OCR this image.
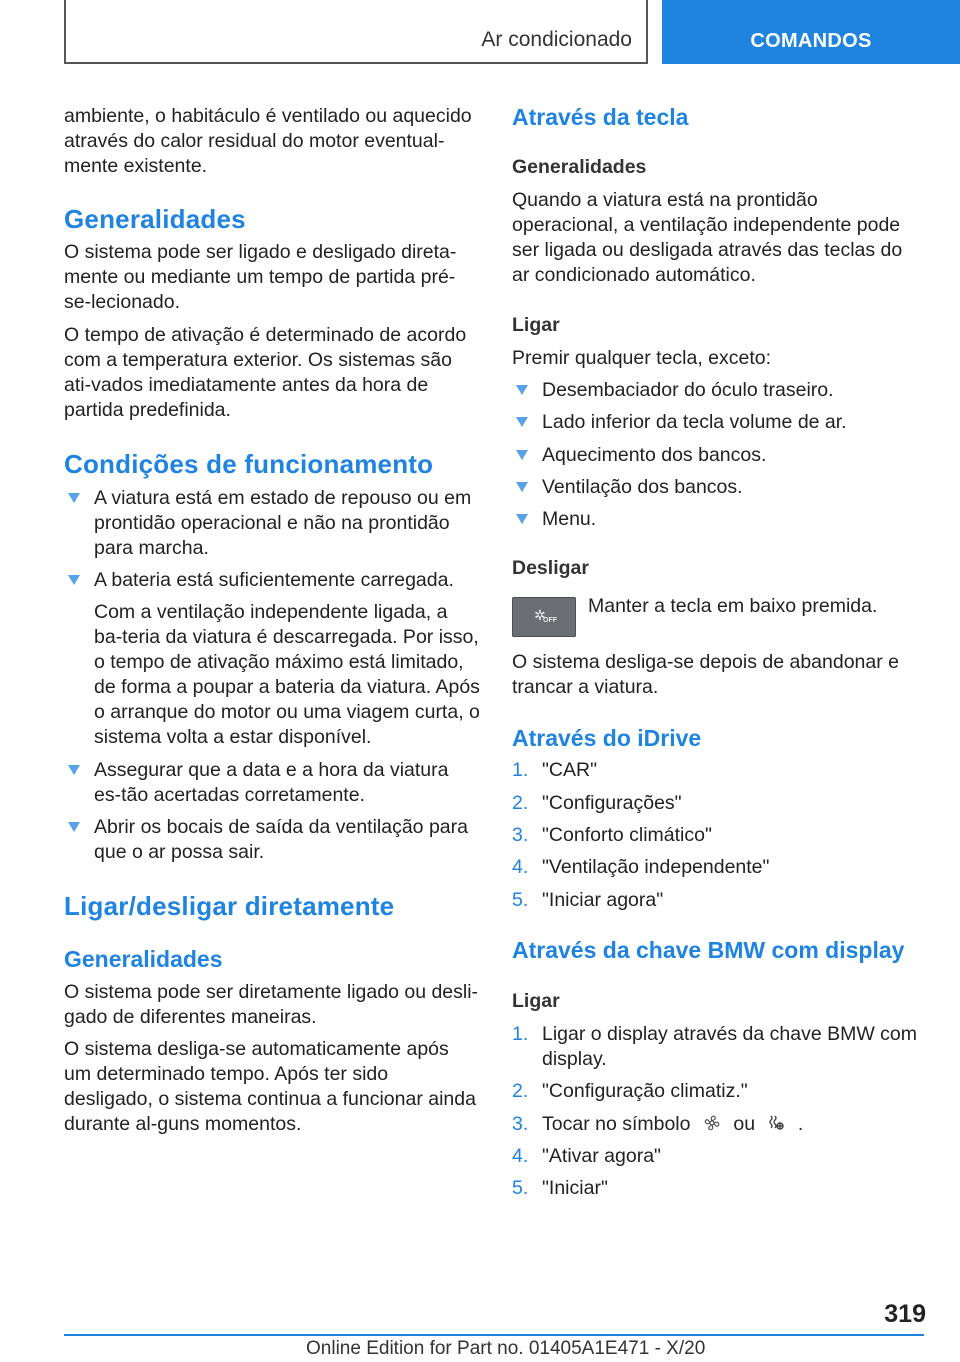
Ar condicionado	COMANDOS

ambiente, o habitáculo é ventilado ou aquecido através do calor residual do motor eventual-mente existente.

Generalidades

O sistema pode ser ligado e desligado direta-mente ou mediante um tempo de partida pré-se-lecionado.

O tempo de ativação é determinado de acordo com a temperatura exterior. Os sistemas são ati-vados imediatamente antes da hora de partida predefinida.

Condições de funcionamento
A viatura está em estado de repouso ou em prontidão operacional e não na prontidão para marcha.
A bateria está suficientemente carregada.
Com a ventilação independente ligada, a ba-teria da viatura é descarregada. Por isso, o tempo de ativação máximo está limitado, de forma a poupar a bateria da viatura. Após o arranque do motor ou uma viagem curta, o sistema volta a estar disponível.
Assegurar que a data e a hora da viatura es-tão acertadas corretamente.
Abrir os bocais de saída da ventilação para que o ar possa sair.
Ligar/desligar diretamente
Generalidades

O sistema pode ser diretamente ligado ou desli-gado de diferentes maneiras.

O sistema desliga-se automaticamente após um determinado tempo. Após ter sido desligado, o sistema continua a funcionar ainda durante al-guns momentos.

Através da tecla
Generalidades

Quando a viatura está na prontidão operacional, a ventilação independente pode ser ligada ou desligada através das teclas do ar condicionado automático.

Ligar

Premir qualquer tecla, exceto:

Desembaciador do óculo traseiro.
Lado inferior da tecla volume de ar.
Aquecimento dos bancos.
Ventilação dos bancos.
Menu.
Desligar
✲
OFF

Manter a tecla em baixo premida.

O sistema desliga-se depois de abandonar e trancar a viatura.

Através do iDrive
1. "CAR"
2. "Configurações"
3. "Conforto climático"
4. "Ventilação independente"
5. "Iniciar agora"
Através da chave BMW com display
Ligar
1. Ligar o display através da chave BMW com display.
2. "Configuração climatiz."
3. Tocar no símbolo ou .
4. "Ativar agora"
5. "Iniciar"
319
Online Edition for Part no. 01405A1E471 - X/20
